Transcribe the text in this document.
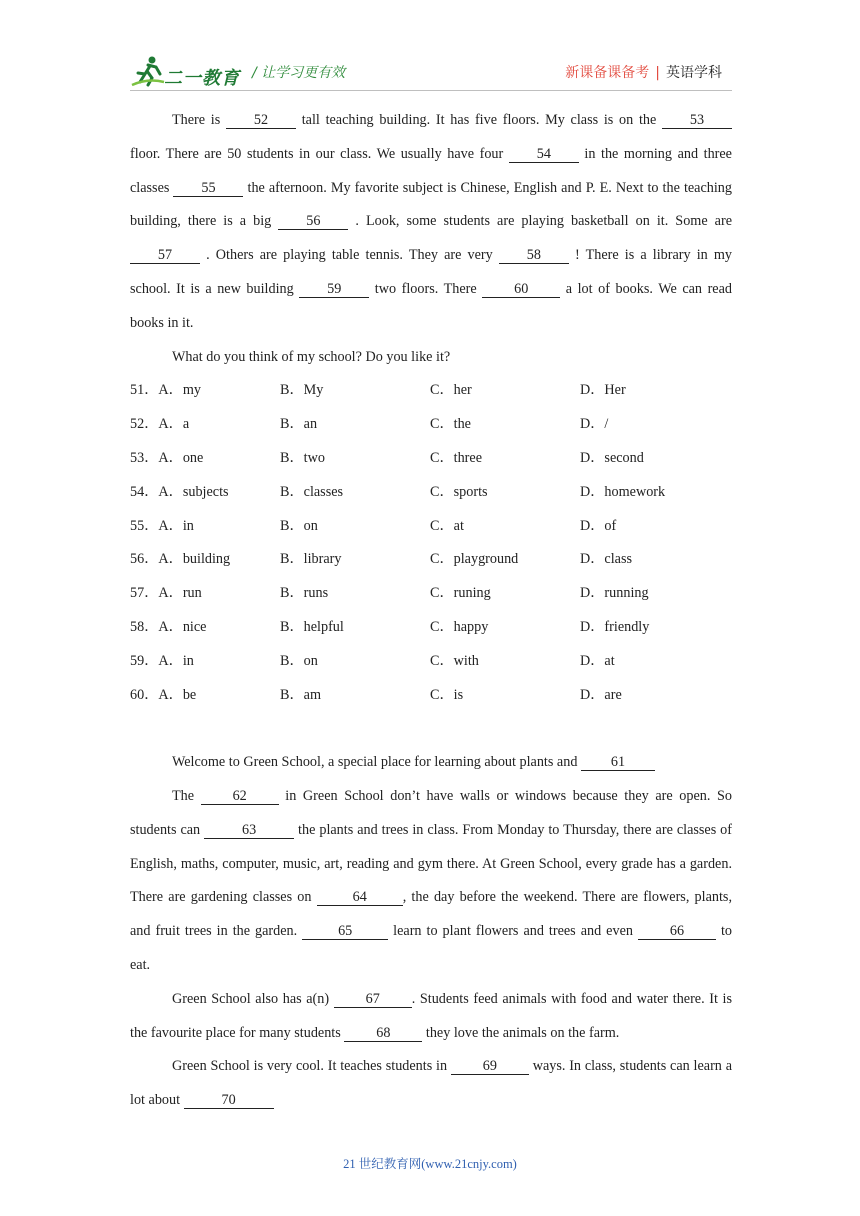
二一教育 / 让学习更有效	新课备课备考 | 英语学科

There is 52 tall teaching building. It has five floors. My class is on the 53 floor. There are 50 students in our class. We usually have four 54 in the morning and three classes 55 the afternoon. My favorite subject is Chinese, English and P. E. Next to the teaching building, there is a big 56 . Look, some students are playing basketball on it. Some are 57 . Others are playing table tennis. They are very 58 ! There is a library in my school. It is a new building 59 two floors. There 60 a lot of books. We can read books in it.

What do you think of my school? Do you like it?

51．A．my	B．My	C．her	D．Her
52．A．a	B．an	C．the	D．/
53．A．one	B．two	C．three	D．second
54．A．subjects	B．classes	C．sports	D．homework
55．A．in	B．on	C．at	D．of
56．A．building	B．library	C．playground	D．class
57．A．run	B．runs	C．runing	D．running
58．A．nice	B．helpful	C．happy	D．friendly
59．A．in	B．on	C．with	D．at
60．A．be	B．am	C．is	D．are

Welcome to Green School, a special place for learning about plants and 61

The 62 in Green School don’t have walls or windows because they are open. So students can	63	the plants and trees in class. From Monday to Thursday, there are classes of English, maths, computer, music, art, reading and gym there. At Green School, every grade has a garden. There are gardening classes on	64	, the day before the weekend. There are flowers, plants, and fruit trees in the garden.	65	learn to plant flowers and trees and even 66 to eat.

Green School also has a(n) 67 . Students feed animals with food and water there. It is the favourite place for many students 68 they love the animals on the farm.

Green School is very cool. It teaches students in 69 ways. In class, students can learn a lot about	70

21 世纪教育网(www.21cnjy.com)
